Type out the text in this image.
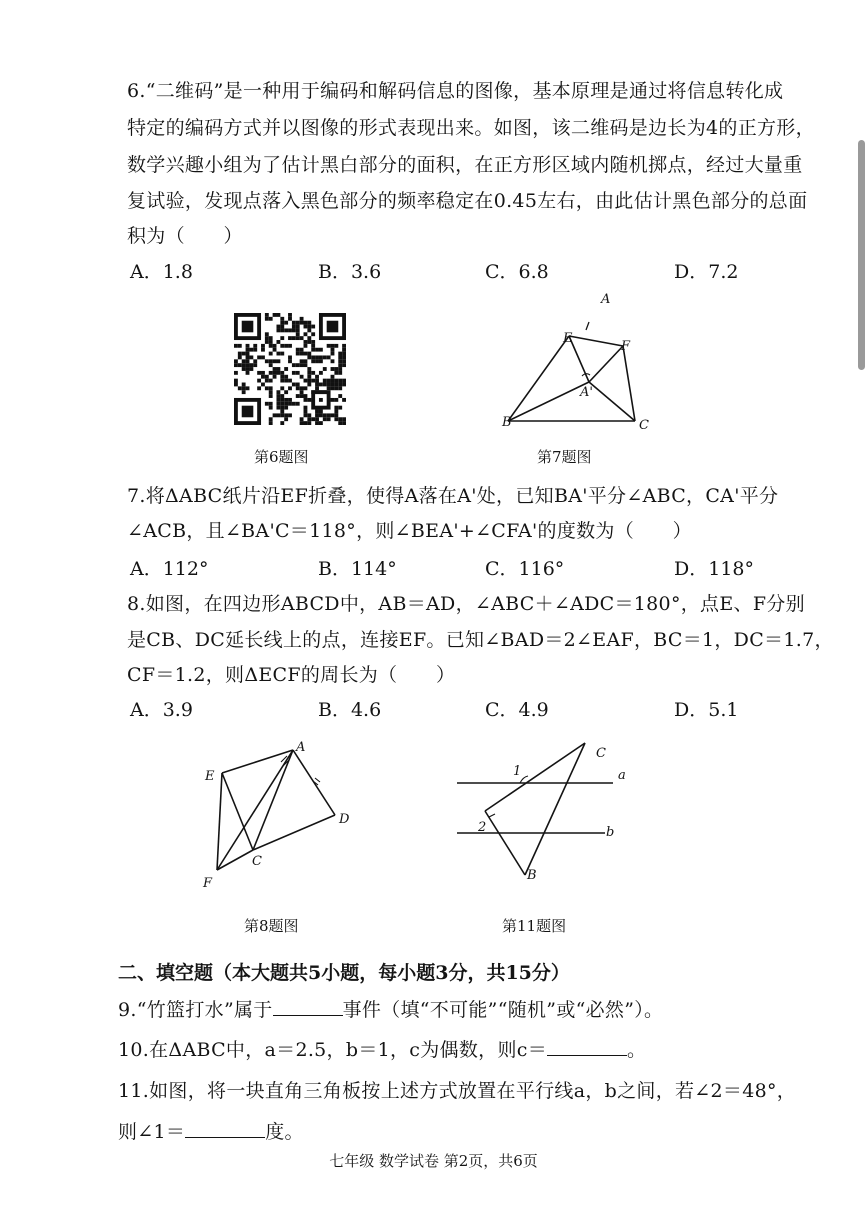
6.“二维码”是一种用于编码和解码信息的图像，基本原理是通过将信息转化成
特定的编码方式并以图像的形式表现出来。如图，该二维码是边长为4的正方形，
数学兴趣小组为了估计黑白部分的面积，在正方形区域内随机掷点，经过大量重
复试验，发现点落入黑色部分的频率稳定在0.45左右，由此估计黑色部分的总面
积为（　　）
A．1.8	B．3.6	C．6.8	D．7.2
第6题图
A
E
F
A'
B	C
第7题图
7.将ΔABC纸片沿EF折叠，使得A落在A'处，已知BA'平分∠ABC，CA'平分
∠ACB，且∠BA'C＝118°，则∠BEA'+∠CFA'的度数为（　　）
A．112°	B．114°	C．116°	D．118°
8.如图，在四边形ABCD中，AB＝AD，∠ABC＋∠ADC＝180°，点E、F分别
是CB、DC延长线上的点，连接EF。已知∠BAD＝2∠EAF，BC＝1，DC＝1.7，
CF＝1.2，则ΔECF的周长为（　　）
A．3.9	B．4.6	C．4.9	D．5.1
A
E
D
C
F
第8题图
C
1	a
2	b
B
第11题图
二、填空题（本大题共5小题，每小题3分，共15分）
9.“竹篮打水”属于	事件（填“不可能”“随机”或“必然”）。
10.在ΔABC中，a＝2.5，b＝1，c为偶数，则c＝	。
11.如图，将一块直角三角板按上述方式放置在平行线a，b之间，若∠2＝48°，
则∠1＝	度。
七年级 数学试卷 第2页，共6页
